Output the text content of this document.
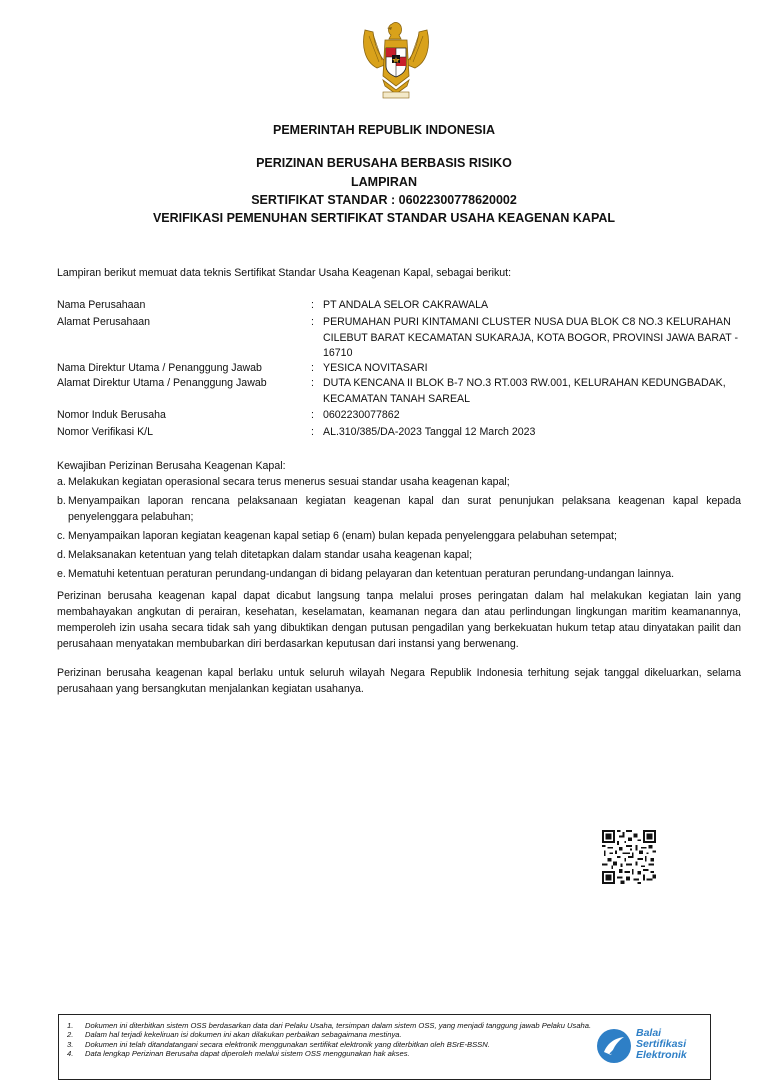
PEMERINTAH REPUBLIK INDONESIA
PERIZINAN BERUSAHA BERBASIS RISIKO
LAMPIRAN
SERTIFIKAT STANDAR : 06022300778620002
VERIFIKASI PEMENUHAN SERTIFIKAT STANDAR USAHA KEAGENAN KAPAL

Lampiran berikut memuat data teknis Sertifikat Standar Usaha Keagenan Kapal, sebagai berikut:

Nama Perusahaan	: PT ANDALA SELOR CAKRAWALA
Alamat Perusahaan	: PERUMAHAN PURI KINTAMANI CLUSTER NUSA DUA BLOK C8 NO.3 KELURAHAN CILEBUT BARAT KECAMATAN SUKARAJA, KOTA BOGOR, PROVINSI JAWA BARAT - 16710
Nama Direktur Utama / Penanggung Jawab	: YESICA NOVITASARI
Alamat Direktur Utama / Penanggung Jawab	: DUTA KENCANA II BLOK B-7 NO.3 RT.003 RW.001, KELURAHAN KEDUNGBADAK, KECAMATAN TANAH SAREAL
Nomor Induk Berusaha	: 0602230077862
Nomor Verifikasi K/L	: AL.310/385/DA-2023 Tanggal 12 March 2023

Kewajiban Perizinan Berusaha Keagenan Kapal:

a. Melakukan kegiatan operasional secara terus menerus sesuai standar usaha keagenan kapal;
b. Menyampaikan laporan rencana pelaksanaan kegiatan keagenan kapal dan surat penunjukan pelaksana keagenan kapal kepada penyelenggara pelabuhan;
c. Menyampaikan laporan kegiatan keagenan kapal setiap 6 (enam) bulan kepada penyelenggara pelabuhan setempat;
d. Melaksanakan ketentuan yang telah ditetapkan dalam standar usaha keagenan kapal;
e. Mematuhi ketentuan peraturan perundang-undangan di bidang pelayaran dan ketentuan peraturan perundang-undangan lainnya.

Perizinan berusaha keagenan kapal dapat dicabut langsung tanpa melalui proses peringatan dalam hal melakukan kegiatan lain yang membahayakan angkutan di perairan, kesehatan, keselamatan, keamanan negara dan atau perlindungan lingkungan maritim keamanannya, memperoleh izin usaha secara tidak sah yang dibuktikan dengan putusan pengadilan yang berkekuatan hukum tetap atau dinyatakan pailit dan perusahaan menyatakan membubarkan diri berdasarkan keputusan dari instansi yang berwenang.

Perizinan berusaha keagenan kapal berlaku untuk seluruh wilayah Negara Republik Indonesia terhitung sejak tanggal dikeluarkan, selama perusahaan yang bersangkutan menjalankan kegiatan usahanya.

1. Dokumen ini diterbitkan sistem OSS berdasarkan data dari Pelaku Usaha, tersimpan dalam sistem OSS, yang menjadi tanggung jawab Pelaku Usaha.
2. Dalam hal terjadi kekeliruan isi dokumen ini akan dilakukan perbaikan sebagaimana mestinya.
3. Dokumen ini telah ditandatangani secara elektronik menggunakan sertifikat elektronik yang diterbitkan oleh BSrE-BSSN.
4. Data lengkap Perizinan Berusaha dapat diperoleh melalui sistem OSS menggunakan hak akses.
Balai
Sertifikasi
Elektronik
